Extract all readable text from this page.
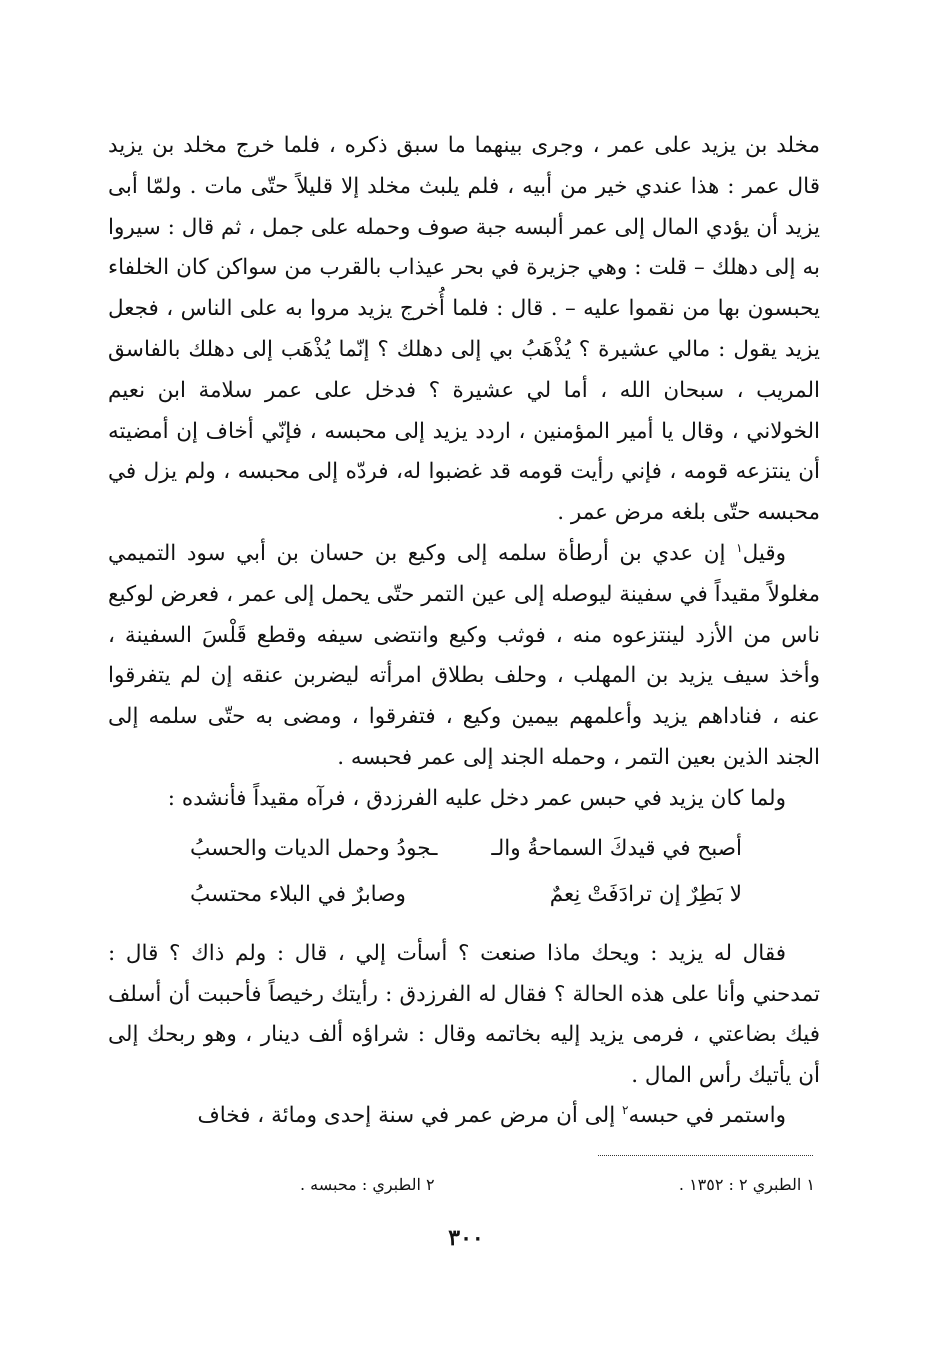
مخلد بن يزيد على عمر ، وجرى بينهما ما سبق ذكره ، فلما خرج مخلد بن يزيد قال عمر : هذا عندي خير من أبيه ، فلم يلبث مخلد إلا قليلاً حتّى مات . ولمّا أبى يزيد أن يؤدي المال إلى عمر ألبسه جبة صوف وحمله على جمل ، ثم قال : سيروا به إلى دهلك – قلت : وهي جزيرة في بحر عيذاب بالقرب من سواكن كان الخلفاء يحبسون بها من نقموا عليه – . قال : فلما أُخرج يزيد مروا به على الناس ، فجعل يزيد يقول : مالي عشيرة ؟ يُذْهَبُ بي إلى دهلك ؟ إنّما يُذْهَب إلى دهلك بالفاسق المريب ، سبحان الله ، أما لي عشيرة ؟ فدخل على عمر سلامة ابن نعيم الخولاني ، وقال يا أمير المؤمنين ، اردد يزيد إلى محبسه ، فإنّي أخاف إن أمضيته أن ينتزعه قومه ، فإني رأيت قومه قد غضبوا له، فردّه إلى محبسه ، ولم يزل في محبسه حتّى بلغه مرض عمر .

وقيل$^١$ إن عدي بن أرطأة سلمه إلى وكيع بن حسان بن أبي سود التميمي مغلولاً مقيداً في سفينة ليوصله إلى عين التمر حتّى يحمل إلى عمر ، فعرض لوكيع ناس من الأزد لينتزعوه منه ، فوثب وكيع وانتضى سيفه وقطع قَلْسَ السفينة ، وأخذ سيف يزيد بن المهلب ، وحلف بطلاق امرأته ليضربن عنقه إن لم يتفرقوا عنه ، فناداهم يزيد وأعلمهم بيمين وكيع ، فتفرقوا ، ومضى به حتّى سلمه إلى الجند الذين بعين التمر ، وحمله الجند إلى عمر فحبسه .

ولما كان يزيد في حبس عمر دخل عليه الفرزدق ، فرآه مقيداً فأنشده :

أصبح في قيدكَ السماحةُ والـ
ـجودُ وحمل الديات والحسبُ
لا بَطِرٌ إن ترادَفَتْ نِعمٌ
وصابرٌ في البلاء محتسبُ

فقال له يزيد : ويحك ماذا صنعت ؟ أسأت إلي ، قال : ولم ذاك ؟ قال : تمدحني وأنا على هذه الحالة ؟ فقال له الفرزدق : رأيتك رخيصاً فأحببت أن أسلف فيك بضاعتي ، فرمى يزيد إليه بخاتمه وقال : شراؤه ألف دينار ، وهو ربحك إلى أن يأتيك رأس المال .

واستمر في حبسه$^٢$ إلى أن مرض عمر في سنة إحدى ومائة ، فخاف

١ الطبري ٢ : ١٣٥٢ .
٢ الطبري : محبسه .
٣٠٠
